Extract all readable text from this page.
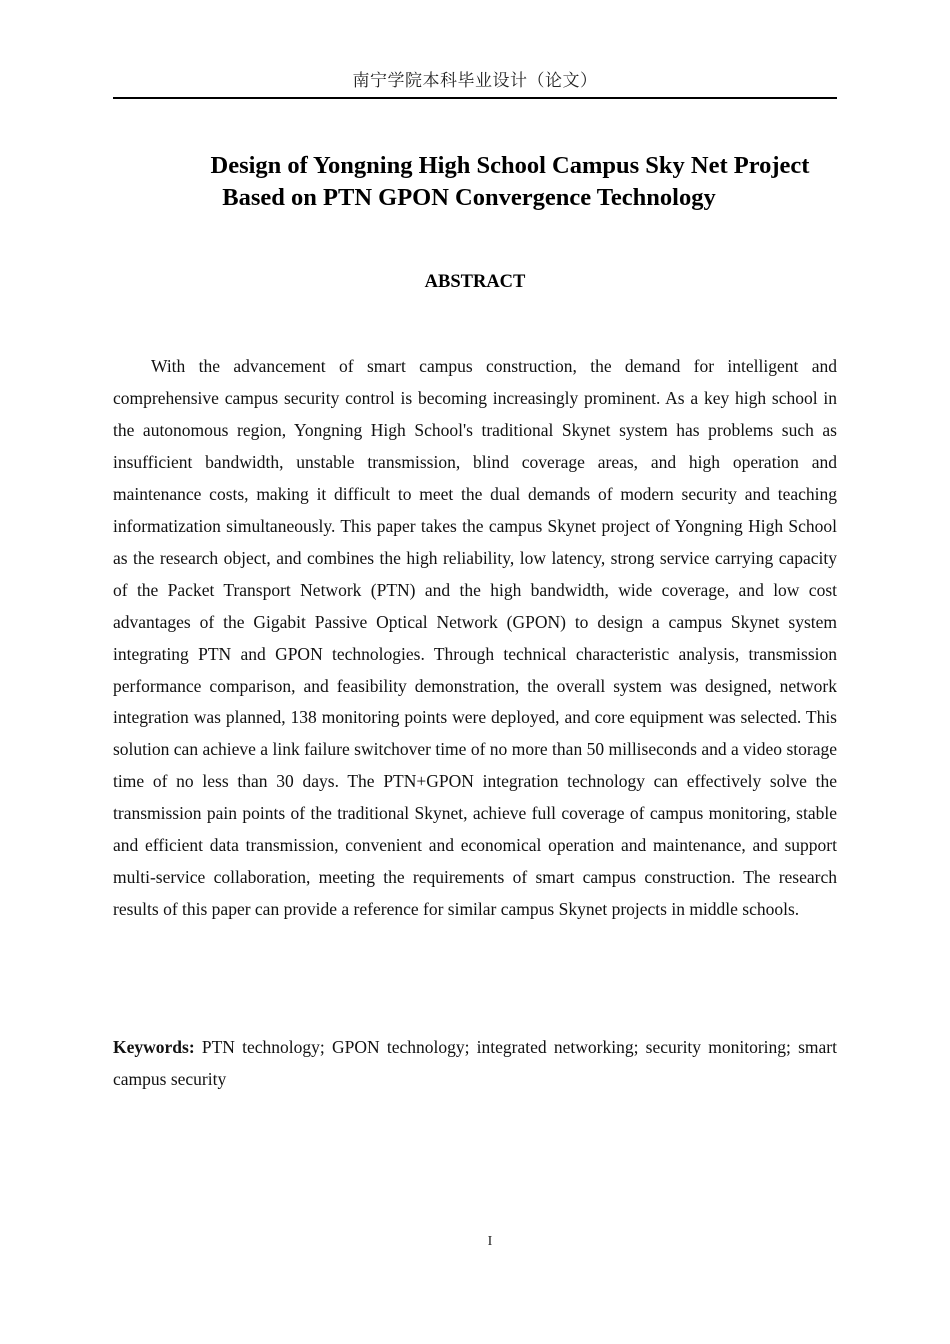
南宁学院本科毕业设计（论文）
Design of Yongning High School Campus Sky Net Project
Based on PTN GPON Convergence Technology
ABSTRACT

With the advancement of smart campus construction, the demand for intelligent and comprehensive campus security control is becoming increasingly prominent. As a key high school in the autonomous region, Yongning High School's traditional Skynet system has problems such as insufficient bandwidth, unstable transmission, blind coverage areas, and high operation and maintenance costs, making it difficult to meet the dual demands of modern security and teaching informatization simultaneously. This paper takes the campus Skynet project of Yongning High School as the research object, and combines the high reliability, low latency, strong service carrying capacity of the Packet Transport Network (PTN) and the high bandwidth, wide coverage, and low cost advantages of the Gigabit Passive Optical Network (GPON) to design a campus Skynet system integrating PTN and GPON technologies. Through technical characteristic analysis, transmission performance comparison, and feasibility demonstration, the overall system was designed, network integration was planned, 138 monitoring points were deployed, and core equipment was selected. This solution can achieve a link failure switchover time of no more than 50 milliseconds and a video storage time of no less than 30 days. The PTN+GPON integration technology can effectively solve the transmission pain points of the traditional Skynet, achieve full coverage of campus monitoring, stable and efficient data transmission, convenient and economical operation and maintenance, and support multi-service collaboration, meeting the requirements of smart campus construction. The research results of this paper can provide a reference for similar campus Skynet projects in middle schools.

Keywords: PTN technology; GPON technology; integrated networking; security monitoring; smart campus security

I
